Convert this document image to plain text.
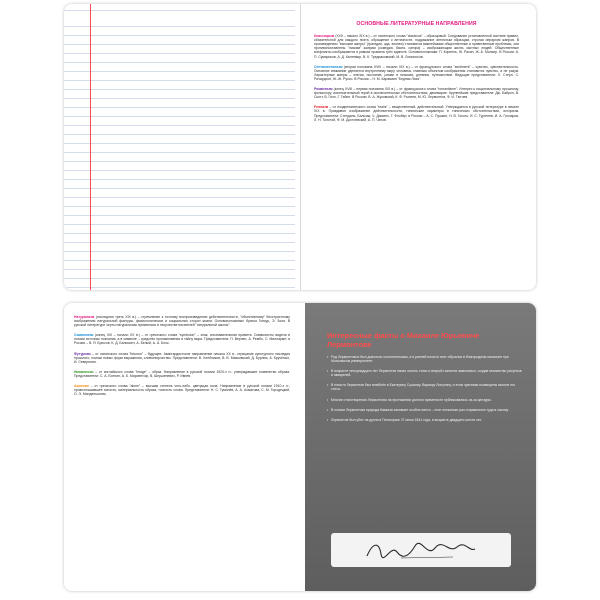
ОСНОВНЫЕ ЛИТЕРАТУРНЫЕ НАПРАВЛЕНИЯ

Классицизм (XVII – начало XIX в.) – от латинского слова "classicus" – образцовый. Следование установленной системе правил, обязательной для каждого поэта, обращение к античности, подражание античным образцам, строгая иерархия жанров. В произведениях "высокие жанры" (трагедия, ода, эпопея) становятся важнейшими общественные и нравственные проблемы, они противопоставлены "низким" жанрам (комедия, басня, сатира) – изображающим жизнь частных людей. Общественные конфликты изображаются в рамках правила трёх единств. Основоположники: П. Корнель, Ж. Расин, Ж.-Б. Мольер. В России: А. П. Сумароков, А. Д. Кантемир, В. К. Тредиаковский, М. В. Ломоносов.

Сентиментализм (вторая половина XVIII – начало XIX в.) – от французского слова "sentiment" – чувство, чувствительность. Основное внимание уделяется внутреннему миру человека, главным объектом изображения становится чувство, а не разум. Характерные жанры – элегия, послание, роман в письмах, дневник, путешествие. Ведущие представители: Л. Стерн, С. Ричардсон, Ж.-Ж. Руссо. В России – Н. М. Карамзин "Бедная Лиза".

Романтизм (конец XVIII – первая половина XIX в.) – от французского слова "romantisme". Интерес к национальному прошлому, фольклору, исключительный герой в исключительных обстоятельствах, двоемирие. Крупнейшие представители: Дж. Байрон, В. Скотт, В. Гюго, Г. Гейне. В России: В. А. Жуковский, К. Ф. Рылеев, М. Ю. Лермонтов, Ф. И. Тютчев.

Реализм – от позднелатинского слова "realis" – вещественный, действительный. Утверждается в русской литературе в начале XIX в. Правдивое изображение действительности, типические характеры в типических обстоятельствах, историзм. Представители: Стендаль, Бальзак, Ч. Диккенс, Г. Флобер; в России – А. С. Пушкин, Н. В. Гоголь, И. С. Тургенев, И. А. Гончаров, Л. Н. Толстой, Ф. М. Достоевский, А. П. Чехов.

Натурализм (последняя треть XIX в.) – стремление к точному воспроизведению действительности, "объективному" бесстрастному изображению натуральной фактуры, физиологических и социальных сторон жизни. Основоположники: братья Гонкур, Э. Золя. В русской литературе черты натурализма проявились в творчестве писателей "натуральной школы".

Символизм (конец XIX – начало XX в.) – от греческого слова "symbolon" – знак, опознавательная примета. Символисты видели в поэзии источник познания, а в символе – средство проникновения в тайну мира. Представители: П. Верлен, А. Рембо, С. Малларме; в России – В. Я. Брюсов, К. Д. Бальмонт, А. Белый, А. А. Блок.

Футуризм – от латинского слова "futurum" – будущее. Авангардистское направление начала XX в., отрицание культурного наследия прошлого, поиски новых форм выражения, словотворчество. Представители: В. Хлебников, В. В. Маяковский, Д. Бурлюк, А. Кручёных, И. Северянин.

Имажинизм – от английского слова "image" – образ. Направление в русской поэзии 1920-х гг., утверждавшее главенство образа. Представители: С. А. Есенин, А. Б. Мариенгоф, В. Шершеневич, Р. Ивнев.

Акмеизм – от греческого слова "akme" – высшая степень чего-либо, цветущая сила. Направление в русской поэзии 1910-х гг., провозглашавшее ясность, материальность образа, точность слова. Представители: Н. С. Гумилёв, А. А. Ахматова, С. М. Городецкий, О. Э. Мандельштам.

Интересные факты о Михаиле Юрьевиче Лермонтове
• Род Лермонтовых был довольно состоятельным, а в ранней юности поэт обучался в благородном пансионе при Московском университете.
• В возрасте четырнадцати лет Лермонтов начал писать стихи и всерьёз занялся живописью, создав множество рисунков и акварелей.
• В юности Лермонтов был влюблён в Екатерину Сушкову, Варвару Лопухину, и этим чувствам посвящены многие его стихи.
• Многие стихотворения Лермонтова на протяжении долгого времени не публиковались из-за цензуры.
• В поэзии Лермонтова природа Кавказа занимает особое место – поэт несколько раз отправлялся туда в ссылку.
• Лермонтов был убит на дуэли в Пятигорске 27 июля 1841 года, в возрасте двадцати шести лет.
